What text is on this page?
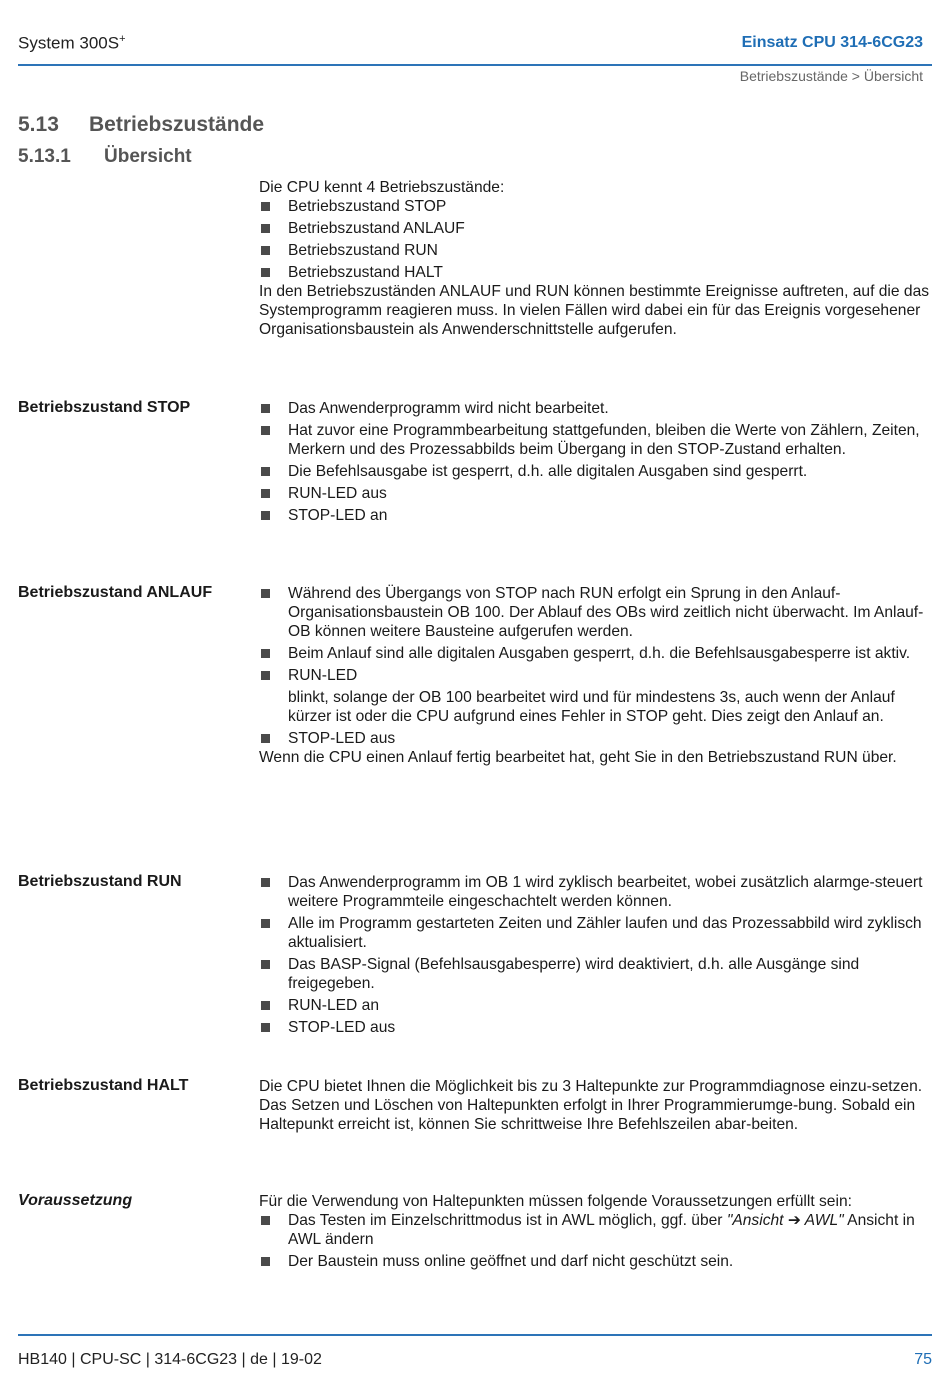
System 300S+	Einsatz CPU 314-6CG23
Betriebszustände > Übersicht
5.13 Betriebszustände
5.13.1 Übersicht

Die CPU kennt 4 Betriebszustände:

Betriebszustand STOP
Betriebszustand ANLAUF
Betriebszustand RUN
Betriebszustand HALT

In den Betriebszuständen ANLAUF und RUN können bestimmte Ereignisse auftreten, auf die das Systemprogramm reagieren muss. In vielen Fällen wird dabei ein für das Ereignis vorgesehener Organisationsbaustein als Anwenderschnittstelle aufgerufen.

Betriebszustand STOP	Das Anwenderprogramm wird nicht bearbeitet.
Hat zuvor eine Programmbearbeitung stattgefunden, bleiben die Werte von Zählern, Zeiten, Merkern und des Prozessabbilds beim Übergang in den STOP-Zustand erhalten.
Die Befehlsausgabe ist gesperrt, d.h. alle digitalen Ausgaben sind gesperrt.
RUN-LED aus
STOP-LED an
Betriebszustand ANLAUF	Während des Übergangs von STOP nach RUN erfolgt ein Sprung in den Anlauf-Organisationsbaustein OB 100. Der Ablauf des OBs wird zeitlich nicht überwacht. Im Anlauf-OB können weitere Bausteine aufgerufen werden.
Beim Anlauf sind alle digitalen Ausgaben gesperrt, d.h. die Befehlsausgabesperre ist aktiv.
RUN-LED
blinkt, solange der OB 100 bearbeitet wird und für mindestens 3s, auch wenn der Anlauf kürzer ist oder die CPU aufgrund eines Fehler in STOP geht. Dies zeigt den Anlauf an.
STOP-LED aus

Wenn die CPU einen Anlauf fertig bearbeitet hat, geht Sie in den Betriebszustand RUN über.

Betriebszustand RUN	Das Anwenderprogramm im OB 1 wird zyklisch bearbeitet, wobei zusätzlich alarmge-steuert weitere Programmteile eingeschachtelt werden können.
Alle im Programm gestarteten Zeiten und Zähler laufen und das Prozessabbild wird zyklisch aktualisiert.
Das BASP-Signal (Befehlsausgabesperre) wird deaktiviert, d.h. alle Ausgänge sind freigegeben.
RUN-LED an
STOP-LED aus
Betriebszustand HALT	Die CPU bietet Ihnen die Möglichkeit bis zu 3 Haltepunkte zur Programmdiagnose einzu-setzen. Das Setzen und Löschen von Haltepunkten erfolgt in Ihrer Programmierumge-bung. Sobald ein Haltepunkt erreicht ist, können Sie schrittweise Ihre Befehlszeilen abar-beiten.

Voraussetzung	Für die Verwendung von Haltepunkten müssen folgende Voraussetzungen erfüllt sein:

Das Testen im Einzelschrittmodus ist in AWL möglich, ggf. über "Ansicht ➔ AWL" Ansicht in AWL ändern
Der Baustein muss online geöffnet und darf nicht geschützt sein.
HB140 | CPU-SC | 314-6CG23 | de | 19-02	75
